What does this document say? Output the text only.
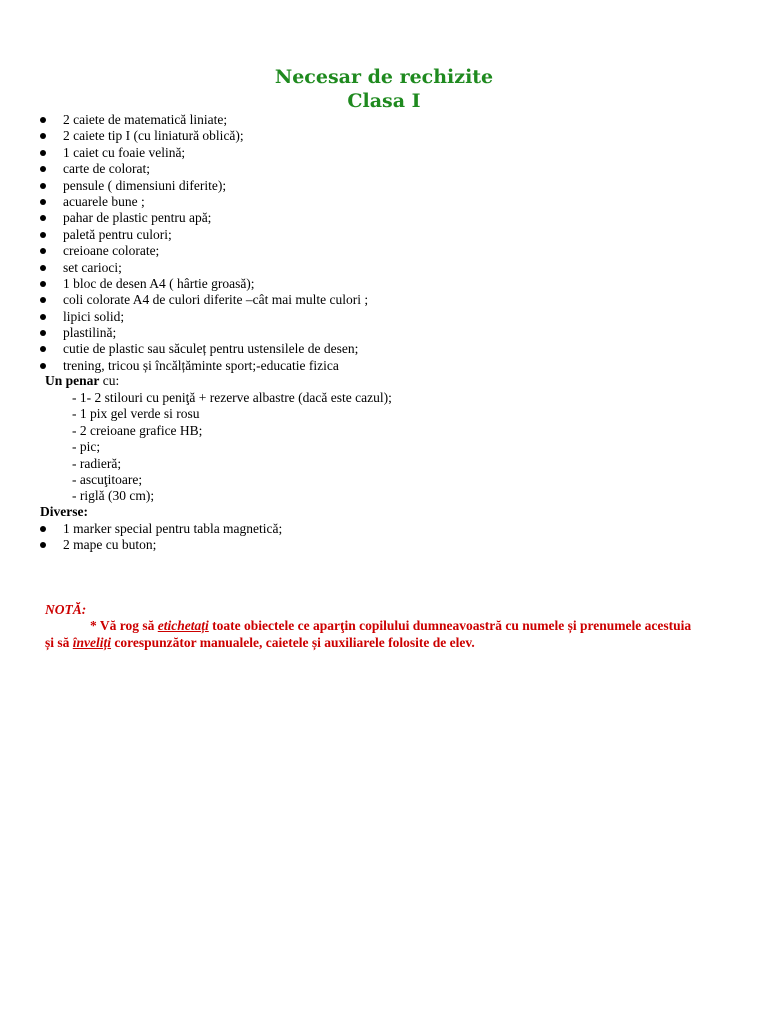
Necesar de rechizite
Clasa I
2 caiete de matematică liniate;
2 caiete tip I (cu liniatură oblică);
1 caiet cu foaie velină;
carte de colorat;
pensule ( dimensiuni diferite);
acuarele bune ;
pahar de plastic pentru apă;
paletă pentru culori;
creioane colorate;
set carioci;
1 bloc de desen A4 ( hârtie groasă);
coli colorate A4 de culori diferite –cât mai multe culori ;
lipici solid;
plastilină;
cutie de plastic sau săculeț pentru ustensilele de desen;
trening, tricou și încălțăminte sport;-educatie fizica
Un penar cu:
- 1- 2 stilouri cu peniţă + rezerve albastre (dacă este cazul);
- 1 pix gel verde si rosu
- 2 creioane grafice HB;
- pic;
- radieră;
- ascuţitoare;
- riglă (30 cm);
Diverse:
1 marker special pentru tabla magnetică;
2 mape cu buton;
NOTĂ:
* Vă rog să etichetați toate obiectele ce aparţin copilului dumneavoastră cu numele și prenumele acestuia
și să înveliți corespunzător manualele, caietele și auxiliarele folosite de elev.
